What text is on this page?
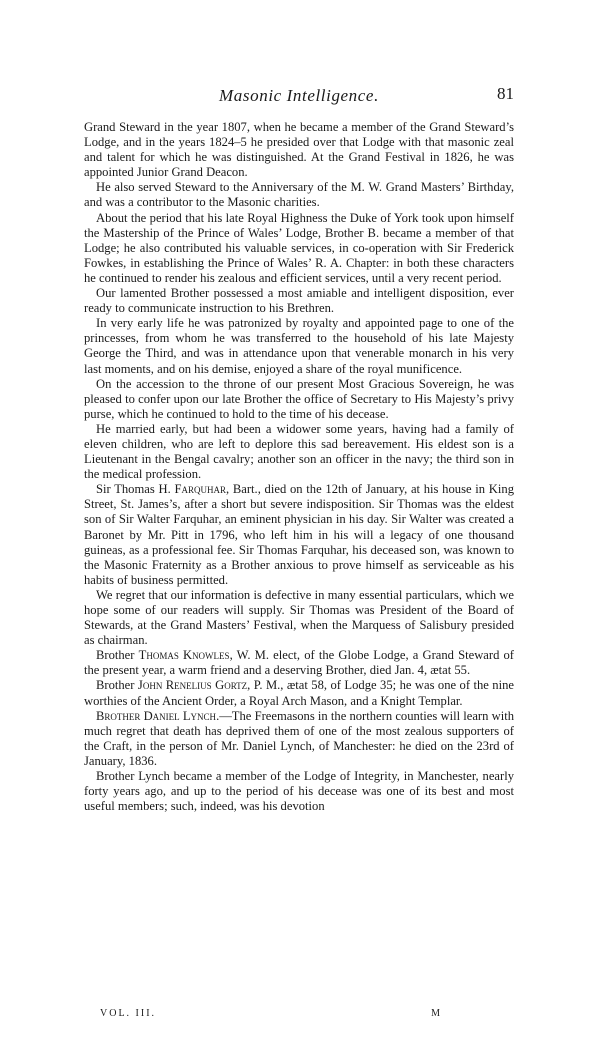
Masonic Intelligence.	81

Grand Steward in the year 1807, when he became a member of the Grand Steward’s Lodge, and in the years 1824–5 he presided over that Lodge with that masonic zeal and talent for which he was distinguished. At the Grand Festival in 1826, he was appointed Junior Grand Deacon.

He also served Steward to the Anniversary of the M. W. Grand Masters’ Birthday, and was a contributor to the Masonic charities.

About the period that his late Royal Highness the Duke of York took upon himself the Mastership of the Prince of Wales’ Lodge, Brother B. became a member of that Lodge; he also contributed his valuable services, in co-operation with Sir Frederick Fowkes, in establishing the Prince of Wales’ R. A. Chapter: in both these characters he continued to render his zealous and efficient services, until a very recent period.

Our lamented Brother possessed a most amiable and intelligent disposition, ever ready to communicate instruction to his Brethren.

In very early life he was patronized by royalty and appointed page to one of the princesses, from whom he was transferred to the household of his late Majesty George the Third, and was in attendance upon that venerable monarch in his very last moments, and on his demise, enjoyed a share of the royal munificence.

On the accession to the throne of our present Most Gracious Sovereign, he was pleased to confer upon our late Brother the office of Secretary to His Majesty’s privy purse, which he continued to hold to the time of his decease.

He married early, but had been a widower some years, having had a family of eleven children, who are left to deplore this sad bereavement. His eldest son is a Lieutenant in the Bengal cavalry; another son an officer in the navy; the third son in the medical profession.

Sir Thomas H. Farquhar, Bart., died on the 12th of January, at his house in King Street, St. James’s, after a short but severe indisposition. Sir Thomas was the eldest son of Sir Walter Farquhar, an eminent physician in his day. Sir Walter was created a Baronet by Mr. Pitt in 1796, who left him in his will a legacy of one thousand guineas, as a professional fee. Sir Thomas Farquhar, his deceased son, was known to the Masonic Fraternity as a Brother anxious to prove himself as serviceable as his habits of business permitted.

We regret that our information is defective in many essential particulars, which we hope some of our readers will supply. Sir Thomas was President of the Board of Stewards, at the Grand Masters’ Festival, when the Marquess of Salisbury presided as chairman.

Brother Thomas Knowles, W. M. elect, of the Globe Lodge, a Grand Steward of the present year, a warm friend and a deserving Brother, died Jan. 4, ætat 55.

Brother John Renelius Gortz, P. M., ætat 58, of Lodge 35; he was one of the nine worthies of the Ancient Order, a Royal Arch Mason, and a Knight Templar.

Brother Daniel Lynch.—The Freemasons in the northern counties will learn with much regret that death has deprived them of one of the most zealous supporters of the Craft, in the person of Mr. Daniel Lynch, of Manchester: he died on the 23rd of January, 1836.

Brother Lynch became a member of the Lodge of Integrity, in Manchester, nearly forty years ago, and up to the period of his decease was one of its best and most useful members; such, indeed, was his devotion

VOL. III.	M
